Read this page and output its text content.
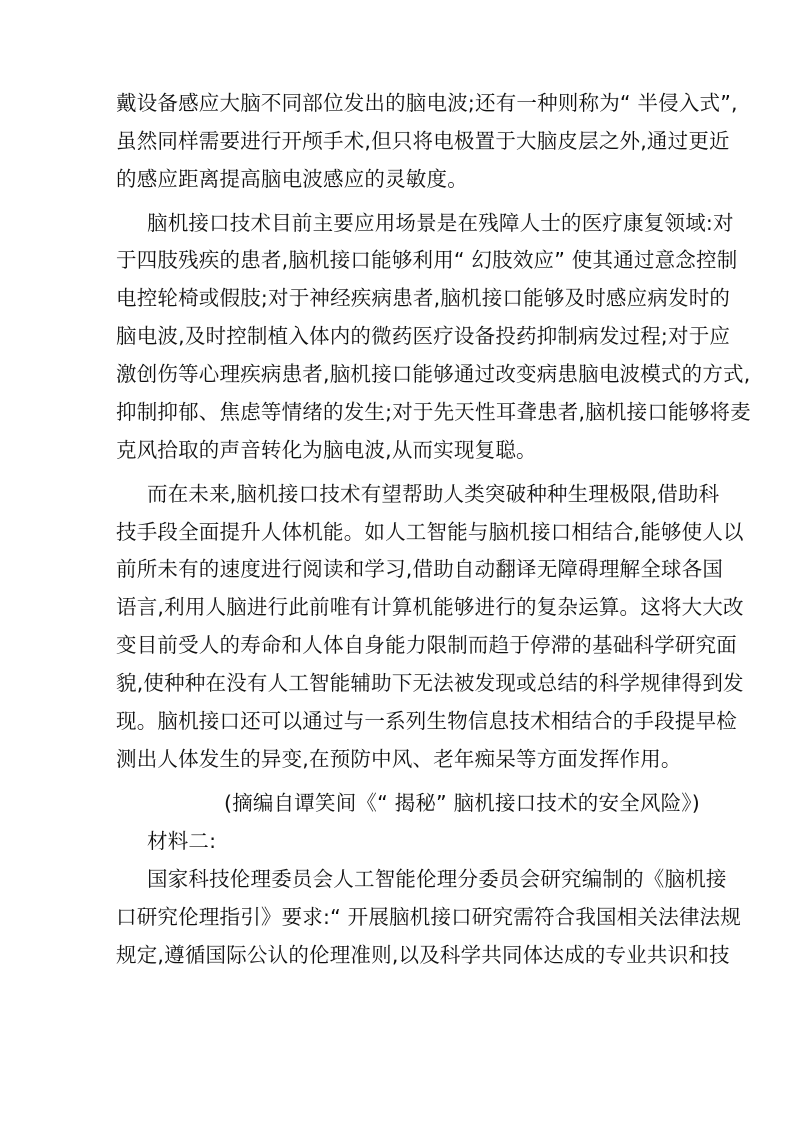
戴设备感应大脑不同部位发出的脑电波;还有一种则称为“ 半侵入式”,
虽然同样需要进行开颅手术,但只将电极置于大脑皮层之外,通过更近
的感应距离提高脑电波感应的灵敏度。
脑机接口技术目前主要应用场景是在残障人士的医疗康复领域:对
于四肢残疾的患者,脑机接口能够利用“ 幻肢效应” 使其通过意念控制
电控轮椅或假肢;对于神经疾病患者,脑机接口能够及时感应病发时的
脑电波,及时控制植入体内的微药医疗设备投药抑制病发过程;对于应
激创伤等心理疾病患者,脑机接口能够通过改变病患脑电波模式的方式,
抑制抑郁、焦虑等情绪的发生;对于先天性耳聋患者,脑机接口能够将麦
克风拾取的声音转化为脑电波,从而实现复聪。
而在未来,脑机接口技术有望帮助人类突破种种生理极限,借助科
技手段全面提升人体机能。如人工智能与脑机接口相结合,能够使人以
前所未有的速度进行阅读和学习,借助自动翻译无障碍理解全球各国
语言,利用人脑进行此前唯有计算机能够进行的复杂运算。这将大大改
变目前受人的寿命和人体自身能力限制而趋于停滞的基础科学研究面
貌,使种种在没有人工智能辅助下无法被发现或总结的科学规律得到发
现。脑机接口还可以通过与一系列生物信息技术相结合的手段提早检
测出人体发生的异变,在预防中风、老年痴呆等方面发挥作用。
(摘编自谭笑间《“ 揭秘” 脑机接口技术的安全风险》)
材料二:
国家科技伦理委员会人工智能伦理分委员会研究编制的《脑机接
口研究伦理指引》要求:“ 开展脑机接口研究需符合我国相关法律法规
规定,遵循国际公认的伦理准则,以及科学共同体达成的专业共识和技
